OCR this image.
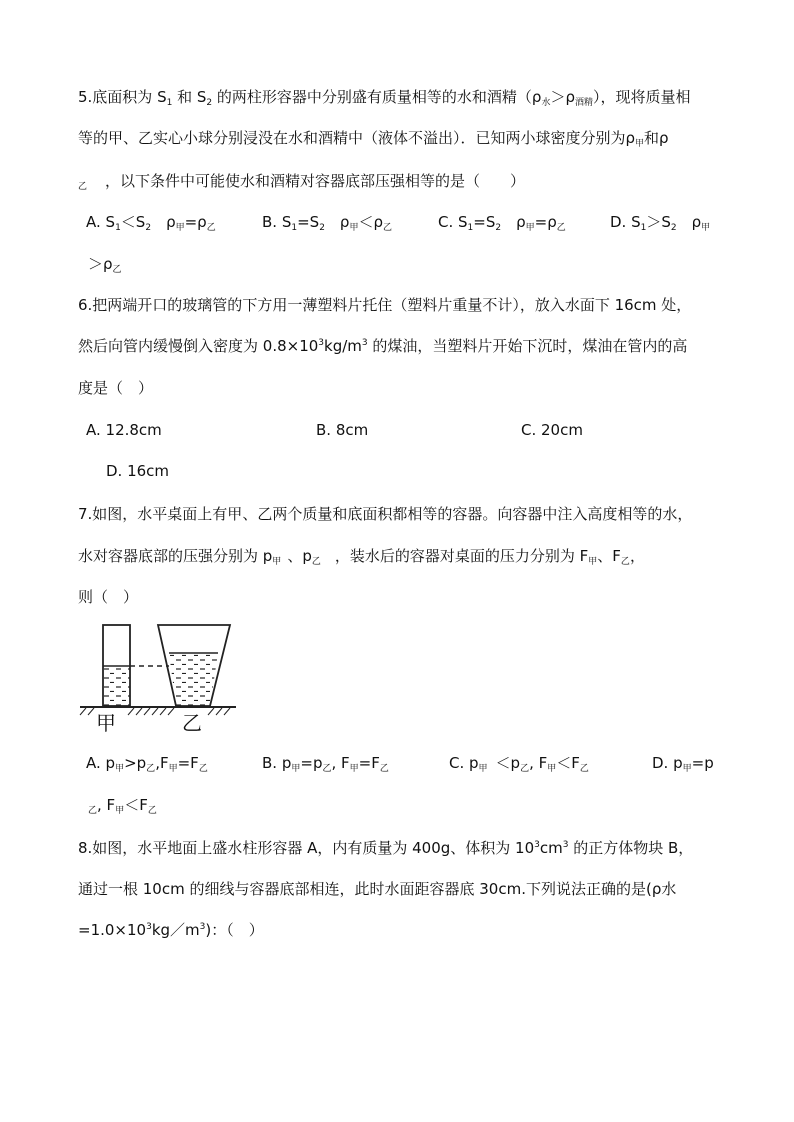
5.底面积为 $S_1$ 和 $S_2$ 的两柱形容器中分别盛有质量相等的水和酒精$(\rho_水>\rho_{酒精})$，现将质量相
等的甲、乙实心小球分别浸没在水和酒精中（液体不溢出）．已知两小球密度分别为$\rho_甲$和ρ
$_乙$ ，以下条件中可能使水和酒精对容器底部压强相等的是（　　）
A. $S_1<S_2$　$\rho_甲=\rho_乙$	B. $S_1=S_2$　$\rho_甲<\rho_乙$	C. $S_1=S_2$　$\rho_甲=\rho_乙$	D. $S_1>S_2$　$\rho_甲$
$>\rho_乙$
6.把两端开口的玻璃管的下方用一薄塑料片托住（塑料片重量不计），放入水面下 16cm 处，
然后向管内缓慢倒入密度为 $0.8\times 10^3kg/m^3$ 的煤油，当塑料片开始下沉时，煤油在管内的高
度是（　）
A. 12.8cm	B. 8cm	C. 20cm
D. 16cm
7.如图，水平桌面上有甲、乙两个质量和底面积都相等的容器。向容器中注入高度相等的水，
水对容器底部的压强分别为 $p_甲$ 、$p_乙$ ，装水后的容器对桌面的压力分别为 $F_甲$、$F_乙$，
则（　）
甲	乙
A. $p_甲>p_乙,F_甲=F_乙$	B. $p_甲=p_乙$, $F_甲=F_乙$	C. $p_甲 <p_乙$, $F_甲<F_乙$	D. $p_甲=p$
$_乙$, $F_甲<F_乙$
8.如图，水平地面上盛水柱形容器 A，内有质量为 400g、体积为 $10^3cm^3$ 的正方体物块 B，
通过一根 10cm 的细线与容器底部相连，此时水面距容器底 30cm.下列说法正确的是(ρ水
$=1.0\times 10^3kg/m^3$)：（　）
